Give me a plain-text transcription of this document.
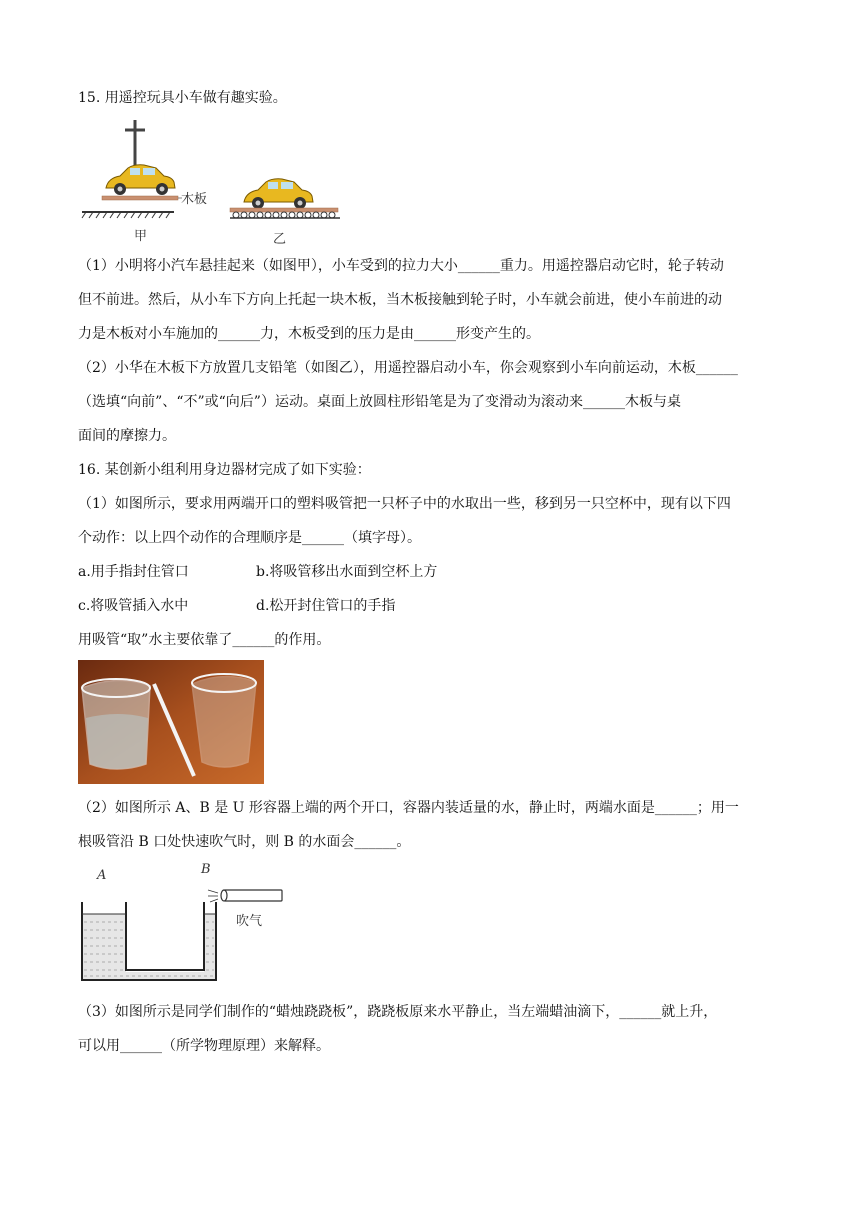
15. 用遥控玩具小车做有趣实验。
木板
甲	乙
（1）小明将小汽车悬挂起来（如图甲），小车受到的拉力大小______重力。用遥控器启动它时，轮子转动
但不前进。然后，从小车下方向上托起一块木板，当木板接触到轮子时，小车就会前进，使小车前进的动
力是木板对小车施加的______力，木板受到的压力是由______形变产生的。
（2）小华在木板下方放置几支铅笔（如图乙），用遥控器启动小车，你会观察到小车向前运动，木板______
（选填“向前”、“不”或“向后”）运动。桌面上放圆柱形铅笔是为了变滑动为滚动来______木板与桌
面间的摩擦力。
16. 某创新小组利用身边器材完成了如下实验：
（1）如图所示，要求用两端开口的塑料吸管把一只杯子中的水取出一些，移到另一只空杯中，现有以下四
个动作：以上四个动作的合理顺序是______（填字母）。
a.用手指封住管口	b.将吸管移出水面到空杯上方
c.将吸管插入水中	d.松开封住管口的手指
用吸管“取”水主要依靠了______的作用。
（2）如图所示 A、B 是 U 形容器上端的两个开口，容器内装适量的水，静止时，两端水面是______；用一
根吸管沿 B 口处快速吹气时，则 B 的水面会______。
A	B
吹气
（3）如图所示是同学们制作的“蜡烛跷跷板”，跷跷板原来水平静止，当左端蜡油滴下，______就上升，
可以用______（所学物理原理）来解释。
